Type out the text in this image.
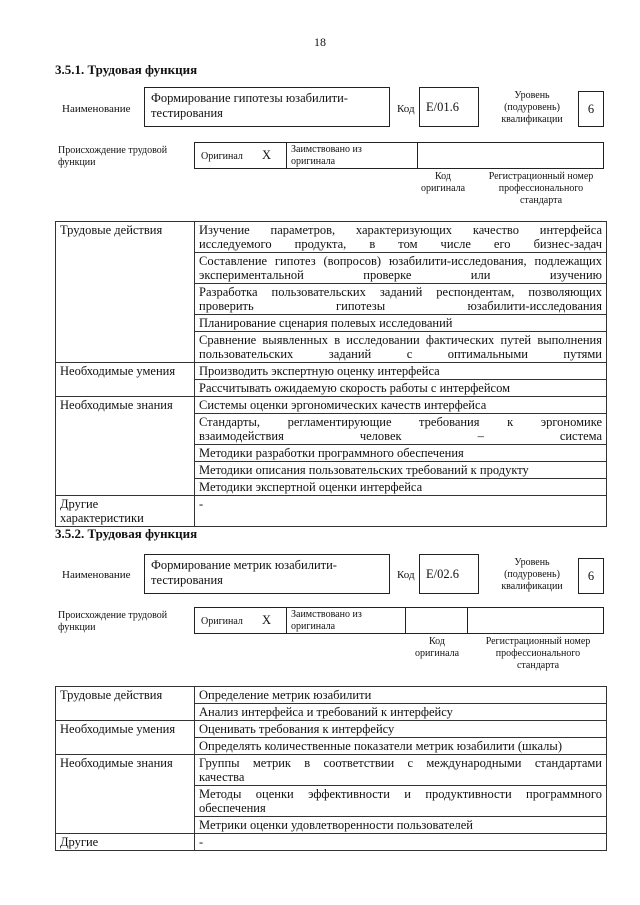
18
3.5.1. Трудовая функция
Наименование
Формирование гипотезы юзабилити-
тестирования	Код E/01.6
Уровень
(подуровень)
квалификации
6
Происхождение трудовой
функции
Оригинал X Заимствовано из
оригинала
Код
оригинала
Регистрационный номер
профессионального
стандарта
Трудовые действия	Изучение параметров, характеризующих качество интерфейса
исследуемого продукта, в том числе его бизнес-задач
	Составление гипотез (вопросов) юзабилити-исследования, подлежащих
экспериментальной проверке или изучению
	Разработка пользовательских заданий респондентам, позволяющих
проверить гипотезы юзабилити-исследования
	Планирование сценария полевых исследований
	Сравнение выявленных в исследовании фактических путей выполнения
пользовательских заданий с оптимальными путями
Необходимые умения	Производить экспертную оценку интерфейса
	Рассчитывать ожидаемую скорость работы с интерфейсом
Необходимые знания	Системы оценки эргономических качеств интерфейса
	Стандарты, регламентирующие требования к эргономике
взаимодействия человек – система
	Методики разработки программного обеспечения
	Методики описания пользовательских требований к продукту
	Методики экспертной оценки интерфейса
Другие
характеристики	-
3.5.2. Трудовая функция
Наименование
Формирование метрик юзабилити-
тестирования	Код E/02.6
Уровень
(подуровень)
квалификации
6
Происхождение трудовой
функции
Оригинал X Заимствовано из
оригинала
Код
оригинала
Регистрационный номер
профессионального
стандарта
Трудовые действия	Определение метрик юзабилити
	Анализ интерфейса и требований к интерфейсу
Необходимые умения	Оценивать требования к интерфейсу
	Определять количественные показатели метрик юзабилити (шкалы)
Необходимые знания	Группы метрик в соответствии с международными стандартами
качества
	Методы оценки эффективности и продуктивности программного
обеспечения
	Метрики оценки удовлетворенности пользователей
Другие	-
